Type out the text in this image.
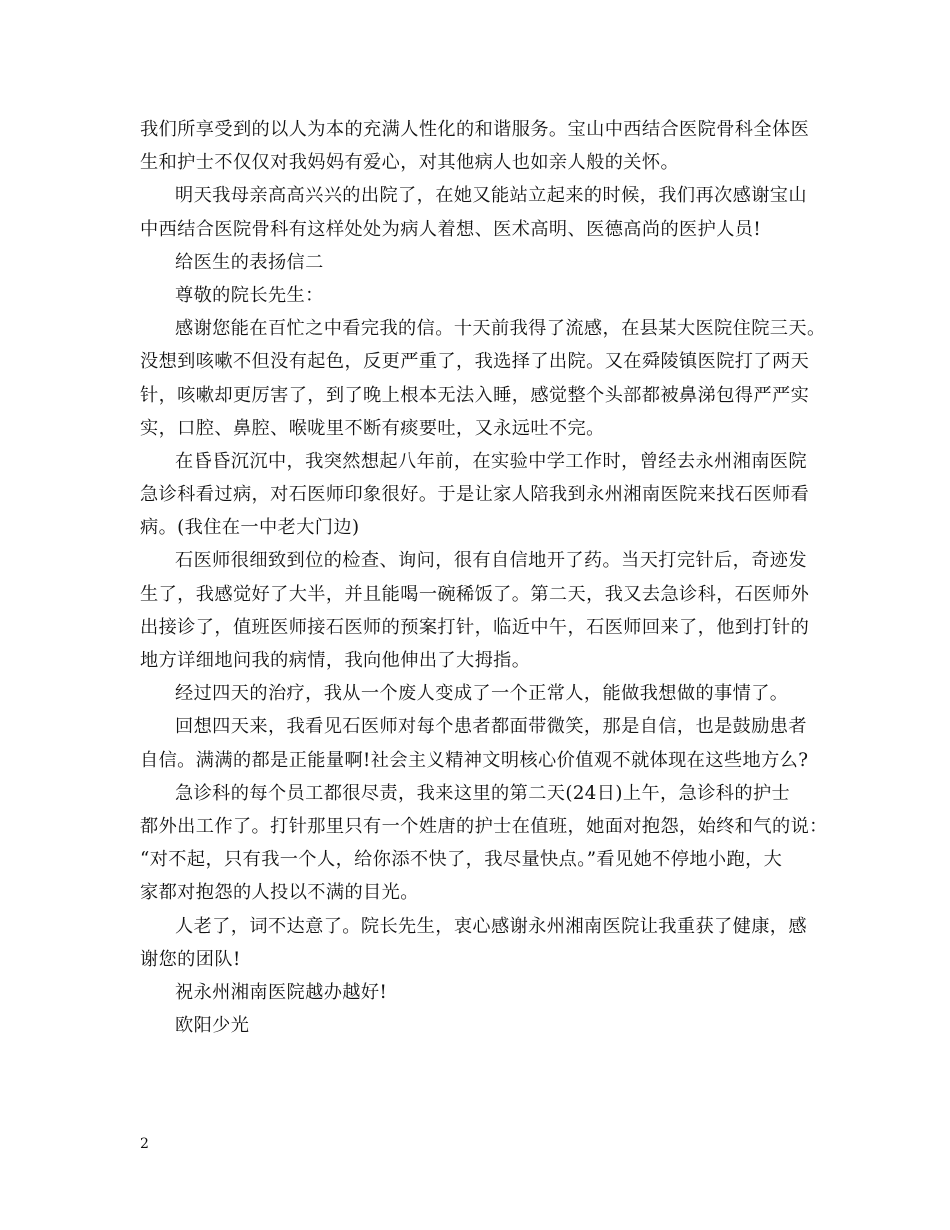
我们所享受到的以人为本的充满人性化的和谐服务。宝山中西结合医院骨科全体医
生和护士不仅仅对我妈妈有爱心，对其他病人也如亲人般的关怀。
明天我母亲高高兴兴的出院了，在她又能站立起来的时候，我们再次感谢宝山
中西结合医院骨科有这样处处为病人着想、医术高明、医德高尚的医护人员!
给医生的表扬信二
尊敬的院长先生：
感谢您能在百忙之中看完我的信。十天前我得了流感，在县某大医院住院三天。
没想到咳嗽不但没有起色，反更严重了，我选择了出院。又在舜陵镇医院打了两天
针，咳嗽却更厉害了，到了晚上根本无法入睡，感觉整个头部都被鼻涕包得严严实
实，口腔、鼻腔、喉咙里不断有痰要吐，又永远吐不完。
在昏昏沉沉中，我突然想起八年前，在实验中学工作时，曾经去永州湘南医院
急诊科看过病，对石医师印象很好。于是让家人陪我到永州湘南医院来找石医师看
病。(我住在一中老大门边)
石医师很细致到位的检查、询问，很有自信地开了药。当天打完针后，奇迹发
生了，我感觉好了大半，并且能喝一碗稀饭了。第二天，我又去急诊科，石医师外
出接诊了，值班医师接石医师的预案打针，临近中午，石医师回来了，他到打针的
地方详细地问我的病情，我向他伸出了大拇指。
经过四天的治疗，我从一个废人变成了一个正常人，能做我想做的事情了。
回想四天来，我看见石医师对每个患者都面带微笑，那是自信，也是鼓励患者
自信。满满的都是正能量啊!社会主义精神文明核心价值观不就体现在这些地方么?
急诊科的每个员工都很尽责，我来这里的第二天(24日)上午，急诊科的护士
都外出工作了。打针那里只有一个姓唐的护士在值班，她面对抱怨，始终和气的说：
“对不起，只有我一个人，给你添不快了，我尽量快点。”看见她不停地小跑，大
家都对抱怨的人投以不满的目光。
人老了，词不达意了。院长先生，衷心感谢永州湘南医院让我重获了健康，感
谢您的团队!
祝永州湘南医院越办越好!
欧阳少光
2
